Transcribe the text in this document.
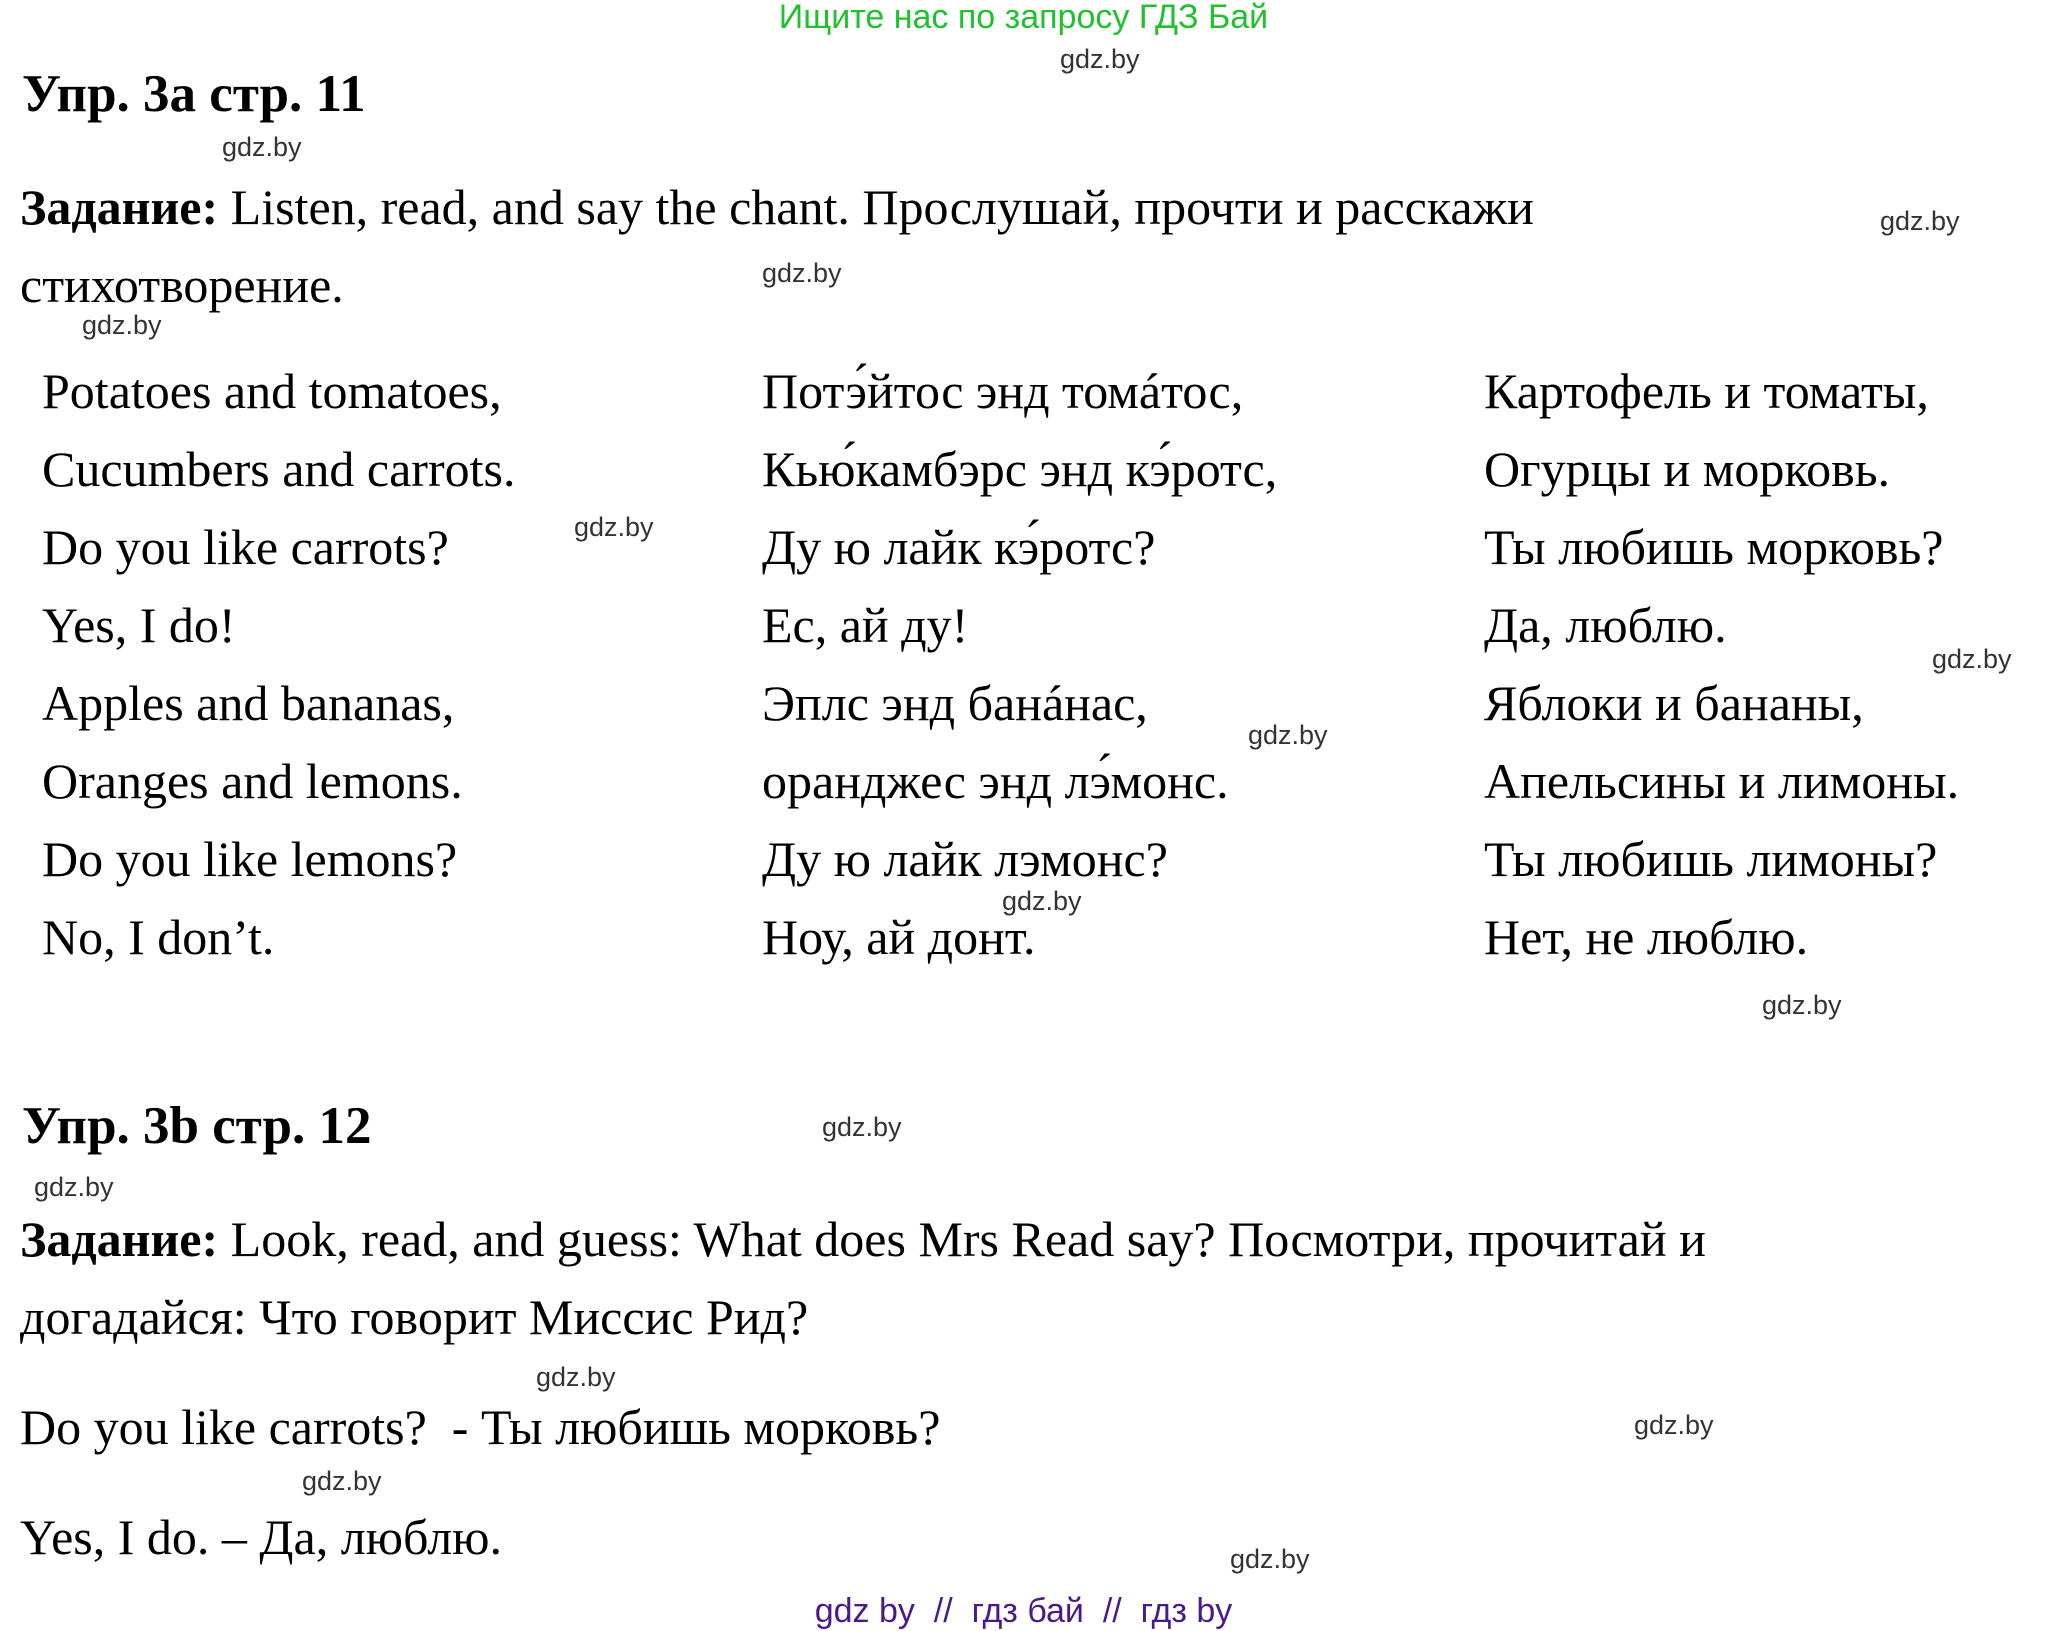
Ищите нас по запросу ГДЗ Бай
gdz.by
gdz.by
gdz.by
gdz.by
gdz.by
gdz.by
gdz.by
gdz.by
gdz.by
gdz.by
gdz.by
gdz.by
gdz.by
gdz.by
gdz.by
gdz.by
Упр. 3a стр. 11
Задание: Listen, read, and say the chant. Прослушай, прочти и расскажи
стихотворение.
Potatoes and tomatoes,
Cucumbers and carrots.
Do you like carrots?
Yes, I do!
Apples and bananas,
Oranges and lemons.
Do you like lemons?
No, I don’t.
Потэ́йтос энд томáтос,
Кью́камбэрс энд кэ́ротс,
Ду ю лайк кэ́ротс?
Ес, ай ду!
Эплс энд банáнас,
оранджес энд лэ́монс.
Ду ю лайк лэмонс?
Ноу, ай донт.
Картофель и томаты,
Огурцы и морковь.
Ты любишь морковь?
Да, люблю.
Яблоки и бананы,
Апельсины и лимоны.
Ты любишь лимоны?
Нет, не люблю.
Упр. 3b стр. 12
Задание: Look, read, and guess: What does Mrs Read say? Посмотри, прочитай и
догадайся: Что говорит Миссис Рид?
Do you like carrots?  - Ты любишь морковь?
Yes, I do. – Да, люблю.
gdz by  //  гдз бай  //  гдз by
